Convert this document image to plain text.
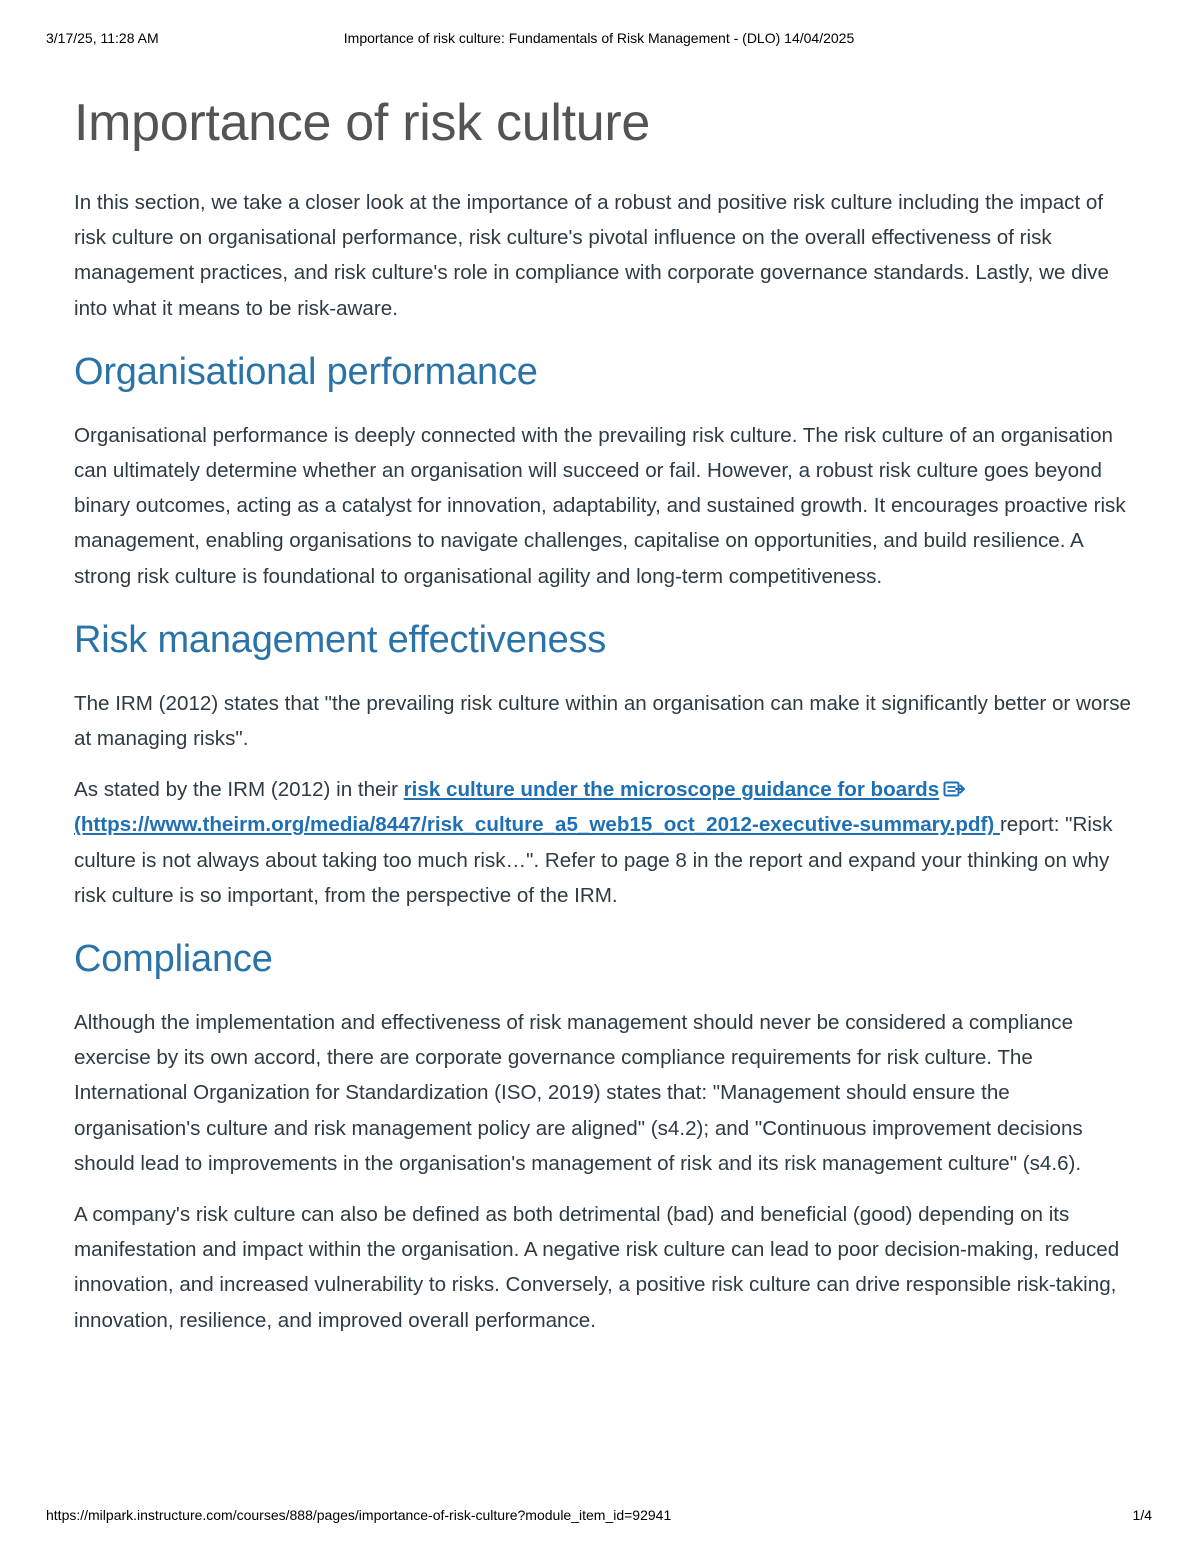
3/17/25, 11:28 AM	Importance of risk culture: Fundamentals of Risk Management - (DLO) 14/04/2025
Importance of risk culture

In this section, we take a closer look at the importance of a robust and positive risk culture including the impact of risk culture on organisational performance, risk culture's pivotal influence on the overall effectiveness of risk management practices, and risk culture's role in compliance with corporate governance standards. Lastly, we dive into what it means to be risk-aware.

Organisational performance

Organisational performance is deeply connected with the prevailing risk culture. The risk culture of an organisation can ultimately determine whether an organisation will succeed or fail. However, a robust risk culture goes beyond binary outcomes, acting as a catalyst for innovation, adaptability, and sustained growth. It encourages proactive risk management, enabling organisations to navigate challenges, capitalise on opportunities, and build resilience. A strong risk culture is foundational to organisational agility and long-term competitiveness.

Risk management effectiveness

The IRM (2012) states that "the prevailing risk culture within an organisation can make it significantly better or worse at managing risks".

As stated by the IRM (2012) in their risk culture under the microscope guidance for boards
(https://www.theirm.org/media/8447/risk_culture_a5_web15_oct_2012-executive-summary.pdf) report: "Risk culture is not always about taking too much risk…". Refer to page 8 in the report and expand your thinking on why risk culture is so important, from the perspective of the IRM.

Compliance

Although the implementation and effectiveness of risk management should never be considered a compliance exercise by its own accord, there are corporate governance compliance requirements for risk culture. The International Organization for Standardization (ISO, 2019) states that: "Management should ensure the organisation's culture and risk management policy are aligned" (s4.2); and "Continuous improvement decisions should lead to improvements in the organisation's management of risk and its risk management culture" (s4.6).

A company's risk culture can also be defined as both detrimental (bad) and beneficial (good) depending on its manifestation and impact within the organisation. A negative risk culture can lead to poor decision-making, reduced innovation, and increased vulnerability to risks. Conversely, a positive risk culture can drive responsible risk-taking, innovation, resilience, and improved overall performance.

https://milpark.instructure.com/courses/888/pages/importance-of-risk-culture?module_item_id=92941	1/4
